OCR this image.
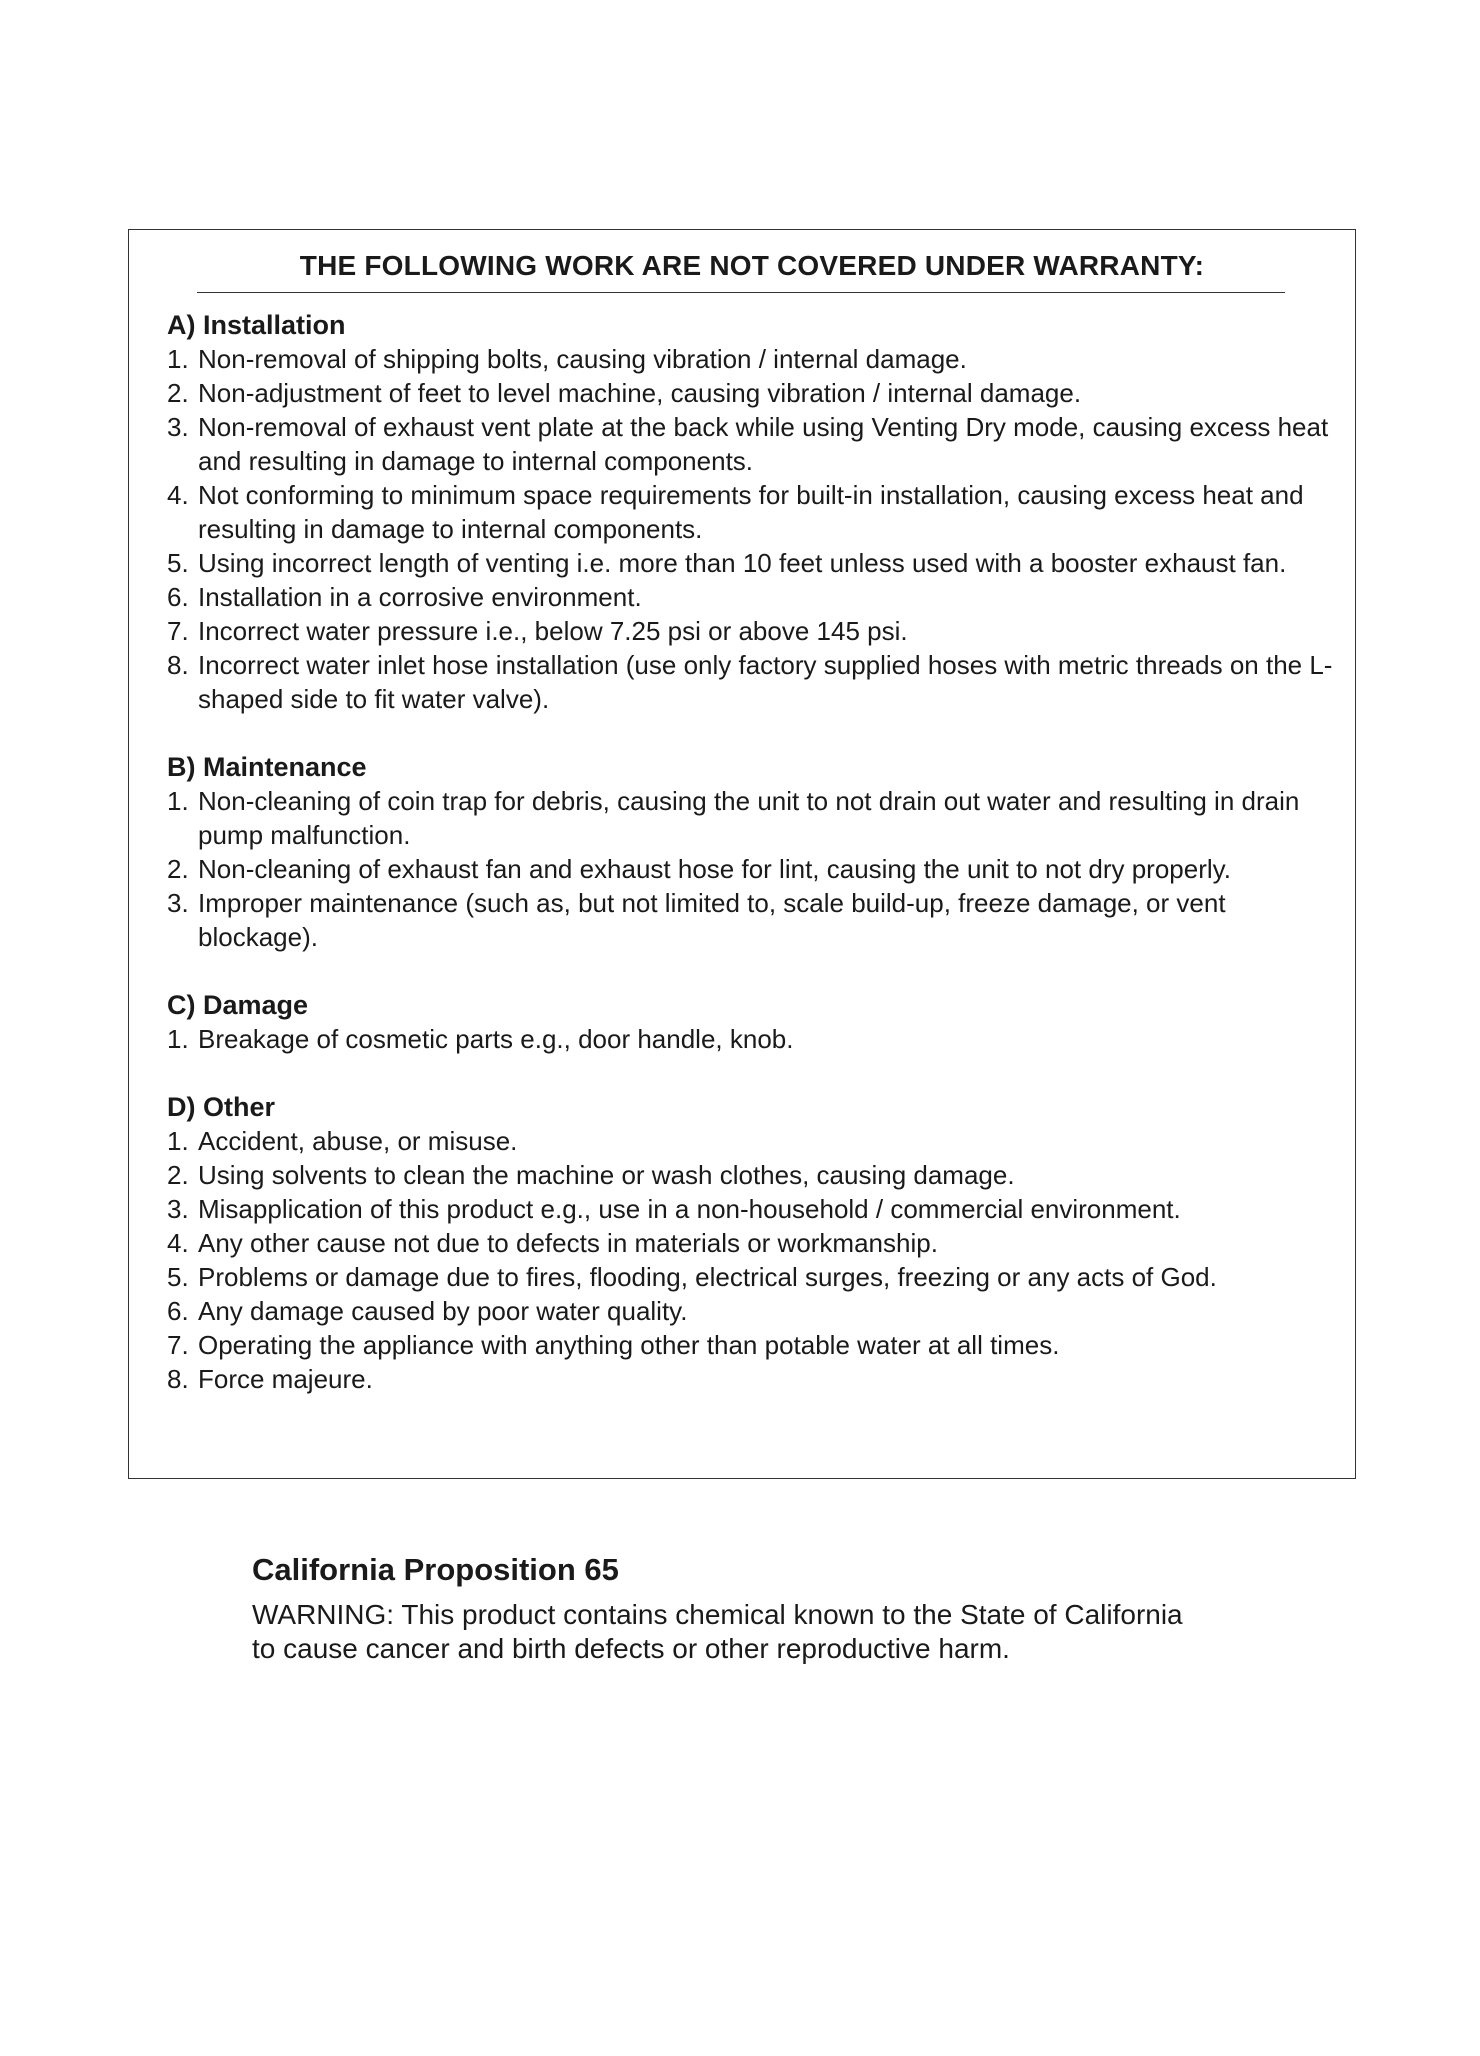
THE FOLLOWING WORK ARE NOT COVERED UNDER WARRANTY:
A) Installation
1. Non-removal of shipping bolts, causing vibration / internal damage.
2. Non-adjustment of feet to level machine, causing vibration / internal damage.
3. Non-removal of exhaust vent plate at the back while using Venting Dry mode, causing excess heat and resulting in damage to internal components.
4. Not conforming to minimum space requirements for built-in installation, causing excess heat and resulting in damage to internal components.
5. Using incorrect length of venting i.e. more than 10 feet unless used with a booster exhaust fan.
6. Installation in a corrosive environment.
7. Incorrect water pressure i.e., below 7.25 psi or above 145 psi.
8. Incorrect water inlet hose installation (use only factory supplied hoses with metric threads on the L-shaped side to fit water valve).
B) Maintenance
1. Non-cleaning of coin trap for debris, causing the unit to not drain out water and resulting in drain pump malfunction.
2. Non-cleaning of exhaust fan and exhaust hose for lint, causing the unit to not dry properly.
3. Improper maintenance (such as, but not limited to, scale build-up, freeze damage, or vent blockage).
C) Damage
1. Breakage of cosmetic parts e.g., door handle, knob.
D) Other
1. Accident, abuse, or misuse.
2. Using solvents to clean the machine or wash clothes, causing damage.
3. Misapplication of this product e.g., use in a non-household / commercial environment.
4. Any other cause not due to defects in materials or workmanship.
5. Problems or damage due to fires, flooding, electrical surges, freezing or any acts of God.
6. Any damage caused by poor water quality.
7. Operating the appliance with anything other than potable water at all times.
8. Force majeure.
California Proposition 65
WARNING: This product contains chemical known to the State of California
to cause cancer and birth defects or other reproductive harm.
